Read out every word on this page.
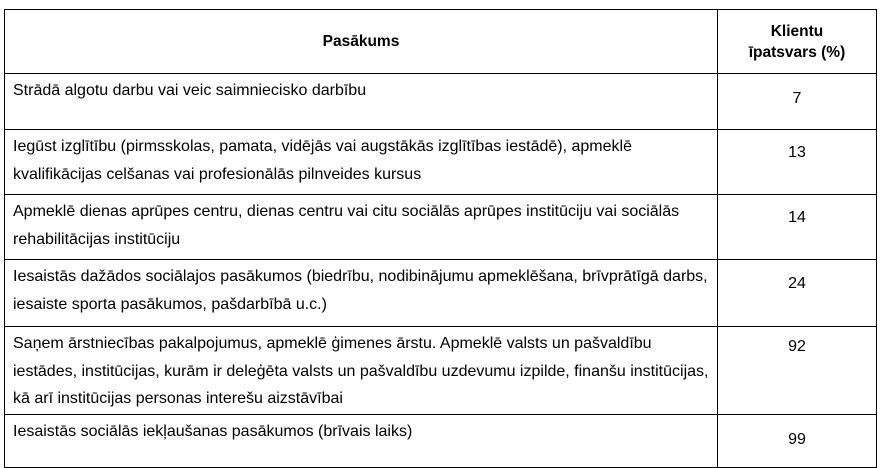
Pasākums	Klientu
īpatsvars (%)
Strādā algotu darbu vai veic saimniecisko darbību	7
Iegūst izglītību (pirmsskolas, pamata, vidējās vai augstākās izglītības iestādē), apmeklē kvalifikācijas celšanas vai profesionālās pilnveides kursus	13
Apmeklē dienas aprūpes centru, dienas centru vai citu sociālās aprūpes institūciju vai sociālās rehabilitācijas institūciju	14
Iesaistās dažādos sociālajos pasākumos (biedrību, nodibinājumu apmeklēšana, brīvprātīgā darbs, iesaiste sporta pasākumos, pašdarbībā u.c.)	24
Saņem ārstniecības pakalpojumus, apmeklē ģimenes ārstu. Apmeklē valsts un pašvaldību iestādes, institūcijas, kurām ir deleģēta valsts un pašvaldību uzdevumu izpilde, finanšu institūcijas, kā arī institūcijas personas interešu aizstāvībai	92
Iesaistās sociālās iekļaušanas pasākumos (brīvais laiks)	99
